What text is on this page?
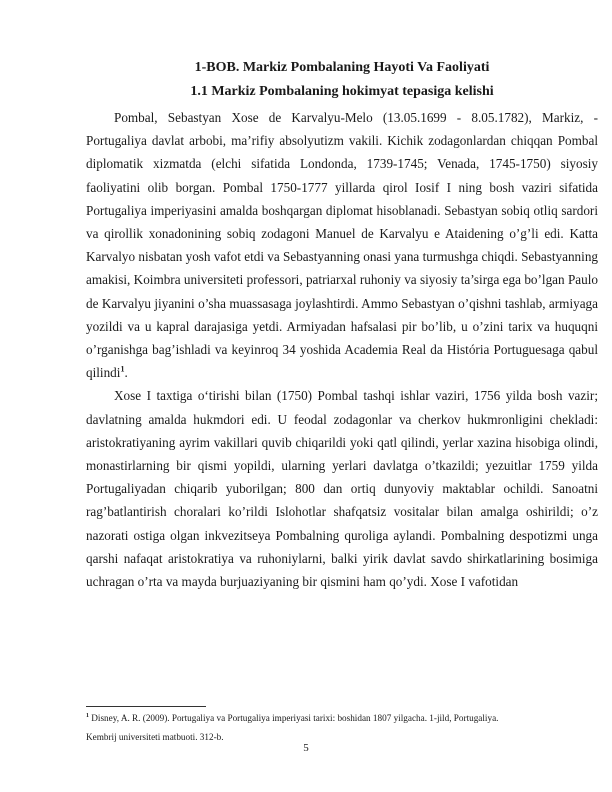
1-BOB. Markiz Pombalaning Hayoti Va Faoliyati
1.1 Markiz Pombalaning hokimyat tepasiga kelishi

Pombal, Sebastyan Xose de Karvalyu-Melo (13.05.1699 - 8.05.1782), Markiz, - Portugaliya davlat arbobi, ma’rifiy absolyutizm vakili. Kichik zodagonlardan chiqqan Pombal diplomatik xizmatda (elchi sifatida Londonda, 1739-1745; Venada, 1745-1750) siyosiy faoliyatini olib borgan. Pombal 1750-1777 yillarda qirol Iosif I ning bosh vaziri sifatida Portugaliya imperiyasini amalda boshqargan diplomat hisoblanadi. Sebastyan sobiq otliq sardori va qirollik xonadonining sobiq zodagoni Manuel de Karvalyu e Ataidening o’g’li edi. Katta Karvalyo nisbatan yosh vafot etdi va Sebastyanning onasi yana turmushga chiqdi. Sebastyanning amakisi, Koimbra universiteti professori, patriarxal ruhoniy va siyosiy ta’sirga ega bo’lgan Paulo de Karvalyu jiyanini o’sha muassasaga joylashtirdi. Ammo Sebastyan o’qishni tashlab, armiyaga yozildi va u kapral darajasiga yetdi. Armiyadan hafsalasi pir bo’lib, u o’zini tarix va huquqni o’rganishga bag’ishladi va keyinroq 34 yoshida Academia Real da História Portuguesaga qabul qilindi$^1$.

Xose I taxtiga oʻtirishi bilan (1750) Pombal tashqi ishlar vaziri, 1756 yilda bosh vazir; davlatning amalda hukmdori edi. U feodal zodagonlar va cherkov hukmronligini chekladi: aristokratiyaning ayrim vakillari quvib chiqarildi yoki qatl qilindi, yerlar xazina hisobiga olindi, monastirlarning bir qismi yopildi, ularning yerlari davlatga o’tkazildi; yezuitlar 1759 yilda Portugaliyadan chiqarib yuborilgan; 800 dan ortiq dunyoviy maktablar ochildi. Sanoatni rag’batlantirish choralari ko’rildi Islohotlar shafqatsiz vositalar bilan amalga oshirildi; o’z nazorati ostiga olgan inkvezitseya Pombalning quroliga aylandi. Pombalning despotizmi unga qarshi nafaqat aristokratiya va ruhoniylarni, balki yirik davlat savdo shirkatlarining bosimiga uchragan o’rta va mayda burjuaziyaning bir qismini ham qo’ydi. Xose I vafotidan

$^1$ Disney, A. R. (2009). Portugaliya va Portugaliya imperiyasi tarixi: boshidan 1807 yilgacha. 1-jild, Portugaliya.
Kembrij universiteti matbuoti. 312-b.
5
